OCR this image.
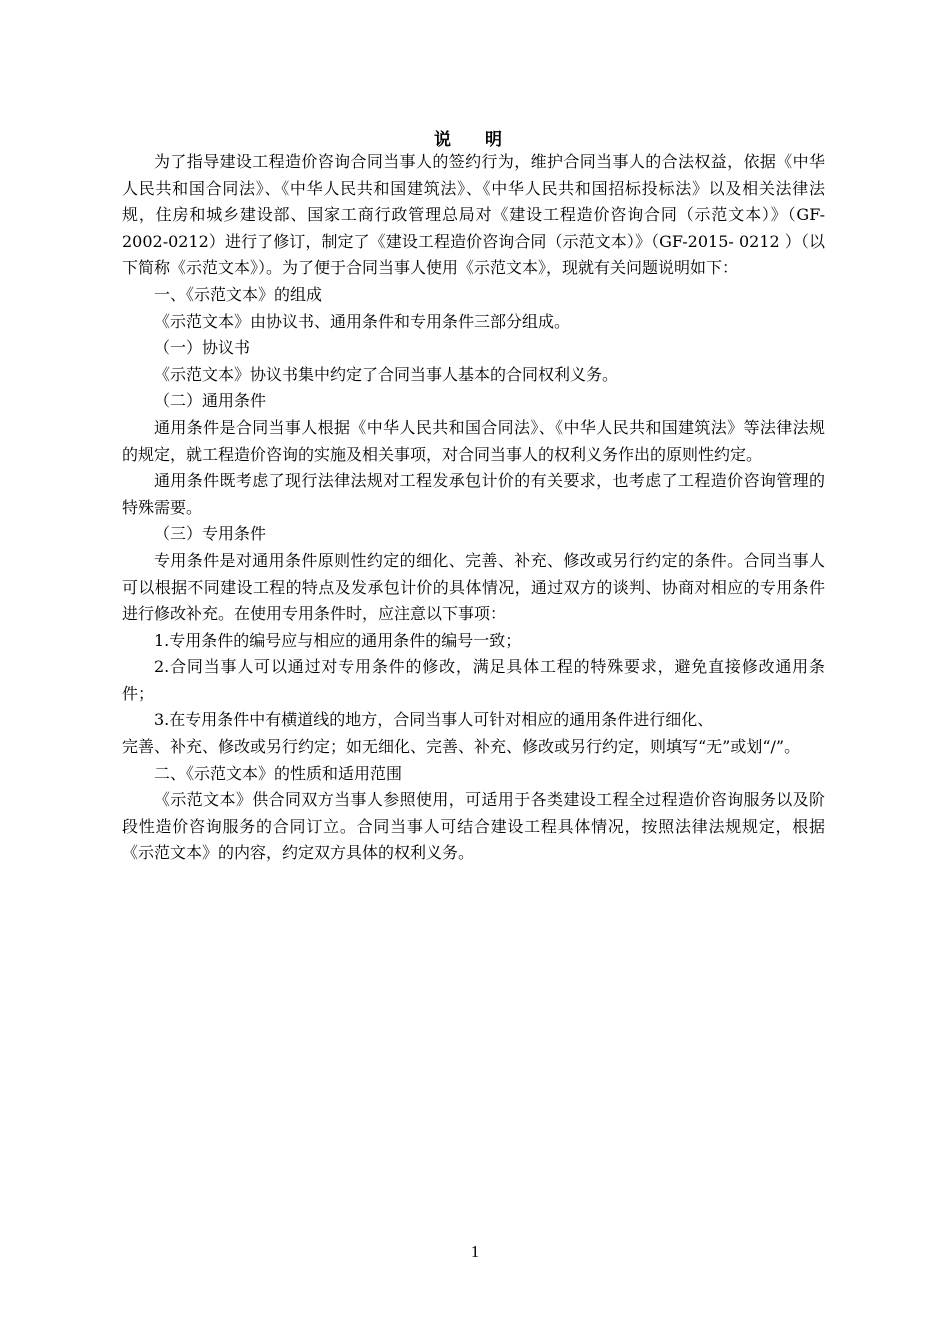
说 明

为了指导建设工程造价咨询合同当事人的签约行为，维护合同当事人的合法权益，依据《中华人民共和国合同法》、《中华人民共和国建筑法》、《中华人民共和国招标投标法》以及相关法律法规，住房和城乡建设部、国家工商行政管理总局对《建设工程造价咨询合同（示范文本）》（GF-2002-0212）进行了修订，制定了《建设工程造价咨询合同（示范文本）》（GF-2015- 0212 ）（以下简称《示范文本》）。为了便于合同当事人使用《示范文本》，现就有关问题说明如下：

一、《示范文本》的组成

《示范文本》由协议书、通用条件和专用条件三部分组成。

（一）协议书

《示范文本》协议书集中约定了合同当事人基本的合同权利义务。

（二）通用条件

通用条件是合同当事人根据《中华人民共和国合同法》、《中华人民共和国建筑法》等法律法规的规定，就工程造价咨询的实施及相关事项，对合同当事人的权利义务作出的原则性约定。

通用条件既考虑了现行法律法规对工程发承包计价的有关要求，也考虑了工程造价咨询管理的特殊需要。

（三）专用条件

专用条件是对通用条件原则性约定的细化、完善、补充、修改或另行约定的条件。合同当事人可以根据不同建设工程的特点及发承包计价的具体情况，通过双方的谈判、协商对相应的专用条件进行修改补充。在使用专用条件时，应注意以下事项：

1.专用条件的编号应与相应的通用条件的编号一致；

2.合同当事人可以通过对专用条件的修改，满足具体工程的特殊要求，避免直接修改通用条件；

3.在专用条件中有横道线的地方，合同当事人可针对相应的通用条件进行细化、

完善、补充、修改或另行约定；如无细化、完善、补充、修改或另行约定，则填写“无”或划“/”。

二、《示范文本》的性质和适用范围

《示范文本》供合同双方当事人参照使用，可适用于各类建设工程全过程造价咨询服务以及阶段性造价咨询服务的合同订立。合同当事人可结合建设工程具体情况，按照法律法规规定，根据《示范文本》的内容，约定双方具体的权利义务。

1
